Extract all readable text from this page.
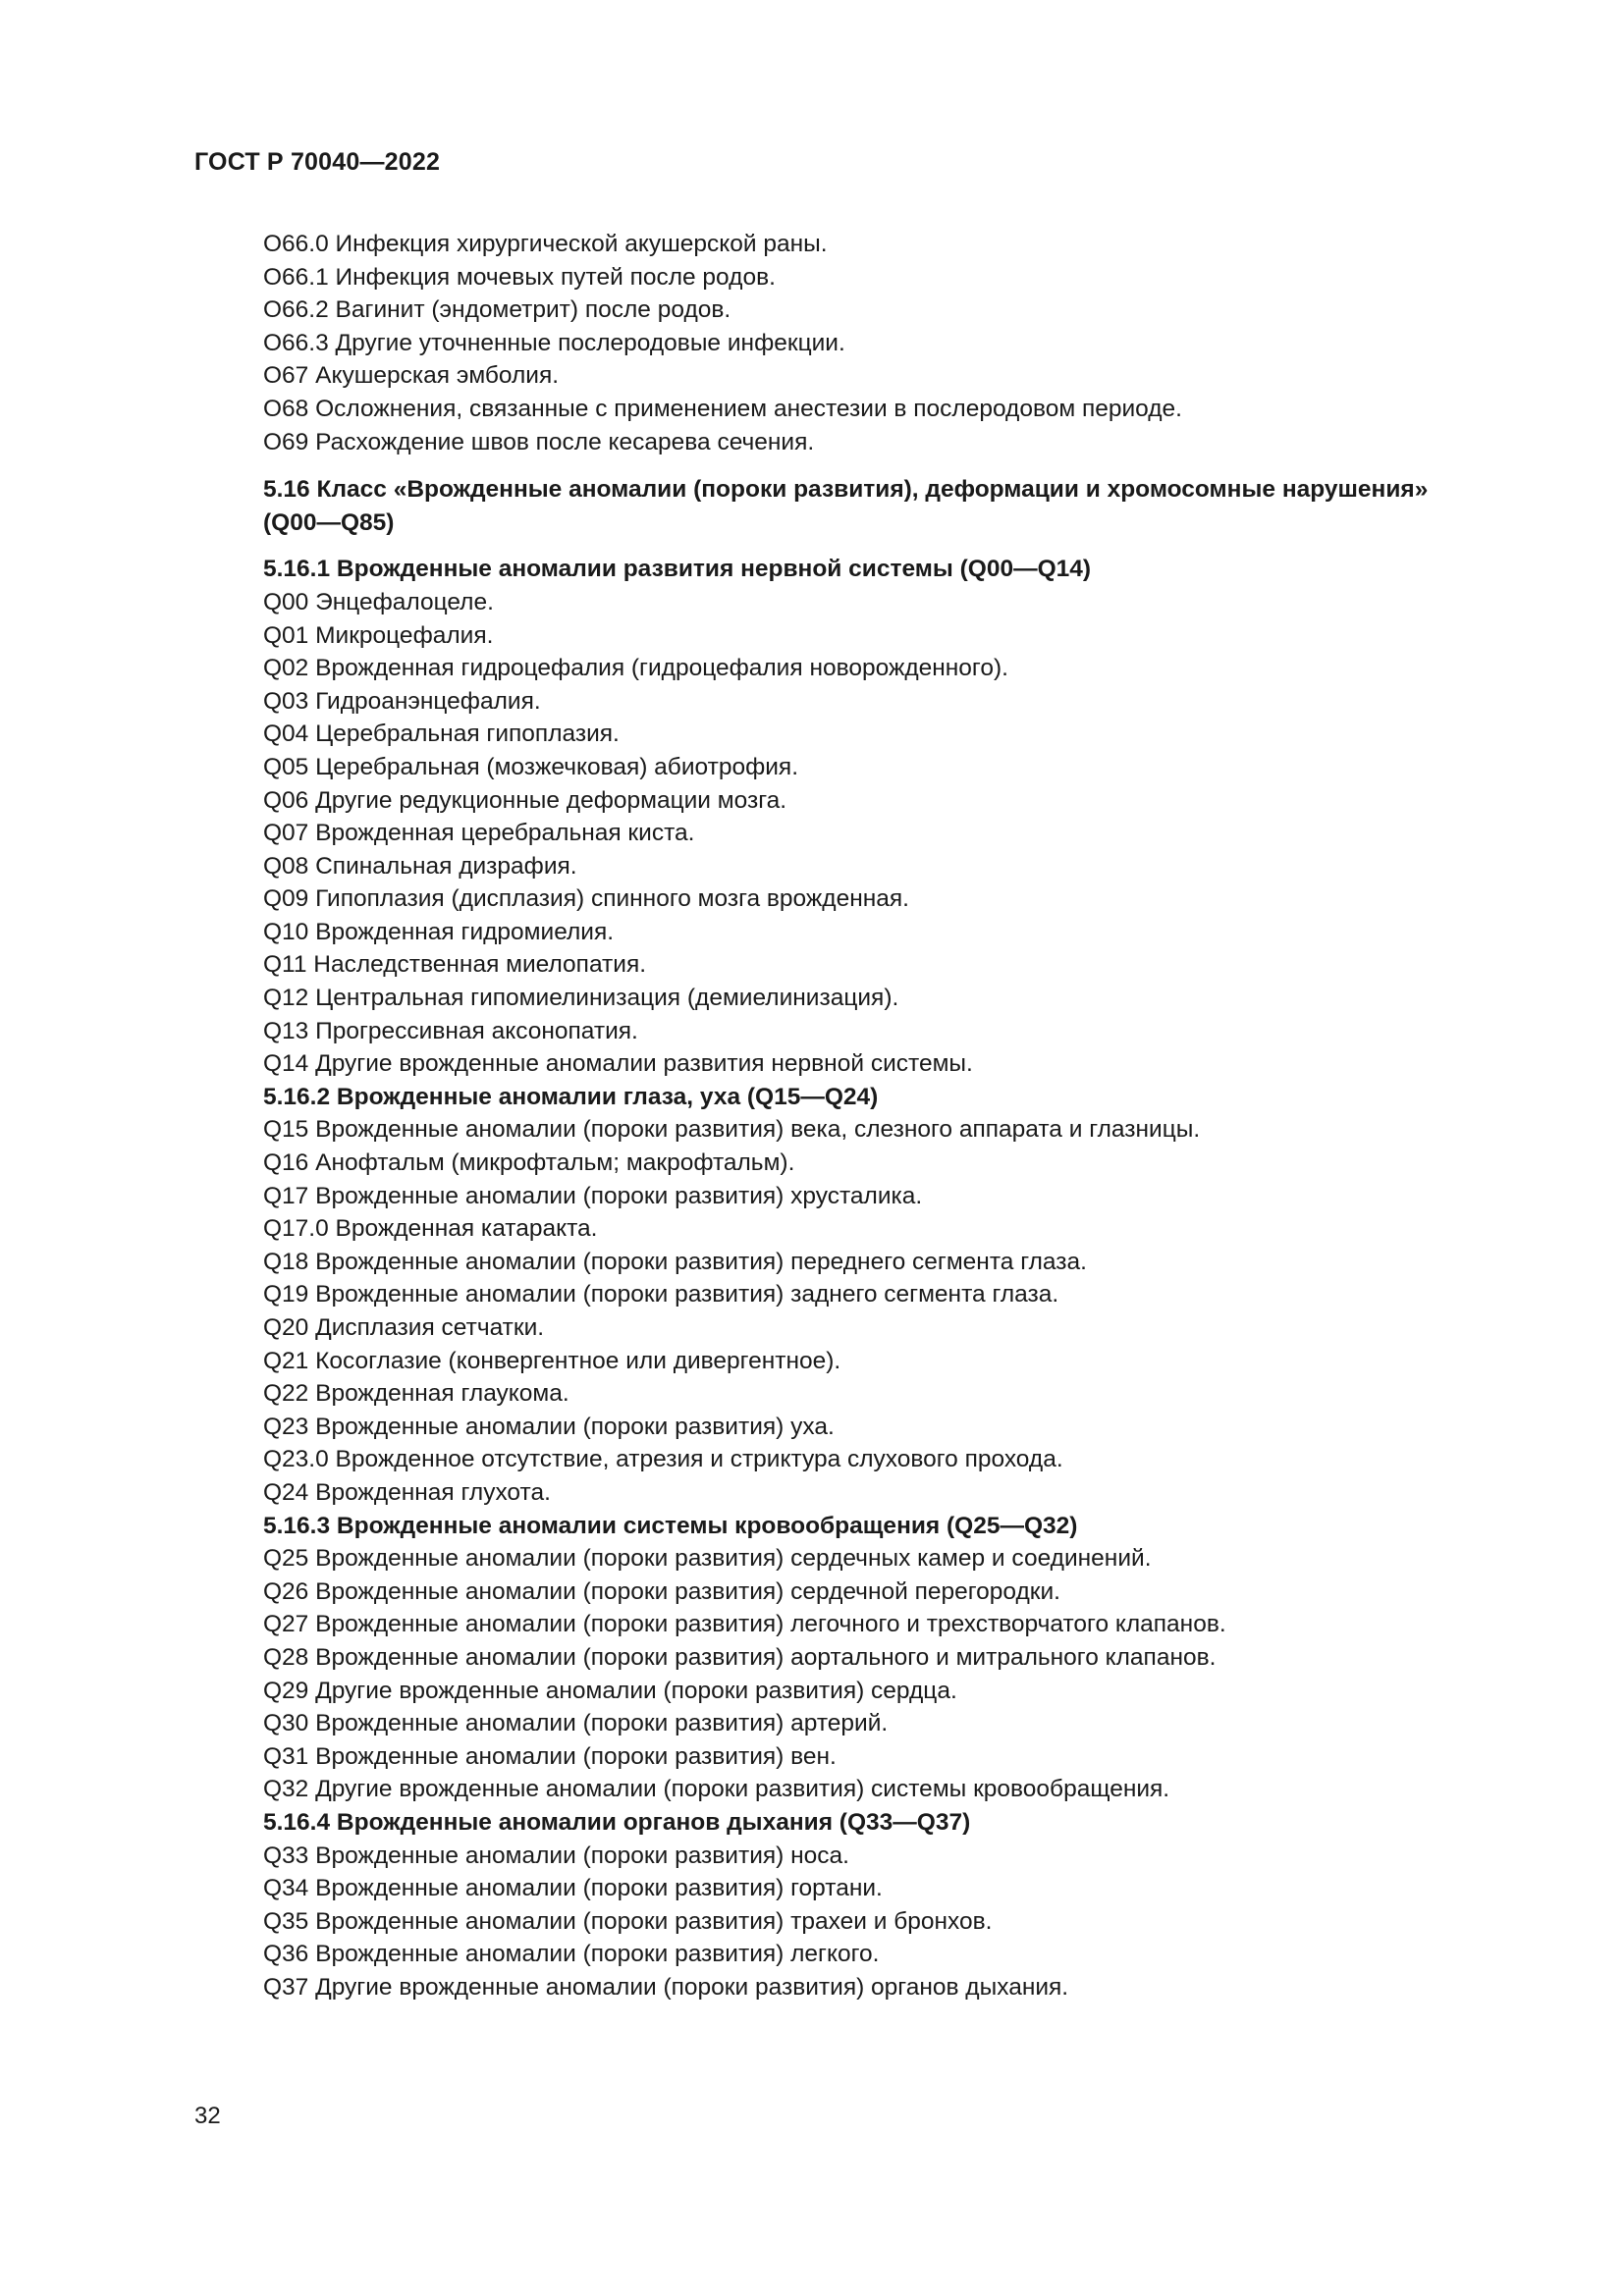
ГОСТ Р 70040—2022
O66.0 Инфекция хирургической акушерской раны.
O66.1 Инфекция мочевых путей после родов.
O66.2 Вагинит (эндометрит) после родов.
O66.3 Другие уточненные послеродовые инфекции.
O67 Акушерская эмболия.
O68 Осложнения, связанные с применением анестезии в послеродовом периоде.
O69 Расхождение швов после кесарева сечения.
5.16 Класс «Врожденные аномалии (пороки развития), деформации и хромосомные нарушения» (Q00—Q85)
5.16.1 Врожденные аномалии развития нервной системы (Q00—Q14)
Q00 Энцефалоцеле.
Q01 Микроцефалия.
Q02 Врожденная гидроцефалия (гидроцефалия новорожденного).
Q03 Гидроанэнцефалия.
Q04 Церебральная гипоплазия.
Q05 Церебральная (мозжечковая) абиотрофия.
Q06 Другие редукционные деформации мозга.
Q07 Врожденная церебральная киста.
Q08 Спинальная дизрафия.
Q09 Гипоплазия (дисплазия) спинного мозга врожденная.
Q10 Врожденная гидромиелия.
Q11 Наследственная миелопатия.
Q12 Центральная гипомиелинизация (демиелинизация).
Q13 Прогрессивная аксонопатия.
Q14 Другие врожденные аномалии развития нервной системы.
5.16.2 Врожденные аномалии глаза, уха (Q15—Q24)
Q15 Врожденные аномалии (пороки развития) века, слезного аппарата и глазницы.
Q16 Анофтальм (микрофтальм; макрофтальм).
Q17 Врожденные аномалии (пороки развития) хрусталика.
Q17.0 Врожденная катаракта.
Q18 Врожденные аномалии (пороки развития) переднего сегмента глаза.
Q19 Врожденные аномалии (пороки развития) заднего сегмента глаза.
Q20 Дисплазия сетчатки.
Q21 Косоглазие (конвергентное или дивергентное).
Q22 Врожденная глаукома.
Q23 Врожденные аномалии (пороки развития) уха.
Q23.0 Врожденное отсутствие, атрезия и стриктура слухового прохода.
Q24 Врожденная глухота.
5.16.3 Врожденные аномалии системы кровообращения (Q25—Q32)
Q25 Врожденные аномалии (пороки развития) сердечных камер и соединений.
Q26 Врожденные аномалии (пороки развития) сердечной перегородки.
Q27 Врожденные аномалии (пороки развития) легочного и трехстворчатого клапанов.
Q28 Врожденные аномалии (пороки развития) аортального и митрального клапанов.
Q29 Другие врожденные аномалии (пороки развития) сердца.
Q30 Врожденные аномалии (пороки развития) артерий.
Q31 Врожденные аномалии (пороки развития) вен.
Q32 Другие врожденные аномалии (пороки развития) системы кровообращения.
5.16.4 Врожденные аномалии органов дыхания (Q33—Q37)
Q33 Врожденные аномалии (пороки развития) носа.
Q34 Врожденные аномалии (пороки развития) гортани.
Q35 Врожденные аномалии (пороки развития) трахеи и бронхов.
Q36 Врожденные аномалии (пороки развития) легкого.
Q37 Другие врожденные аномалии (пороки развития) органов дыхания.
32
